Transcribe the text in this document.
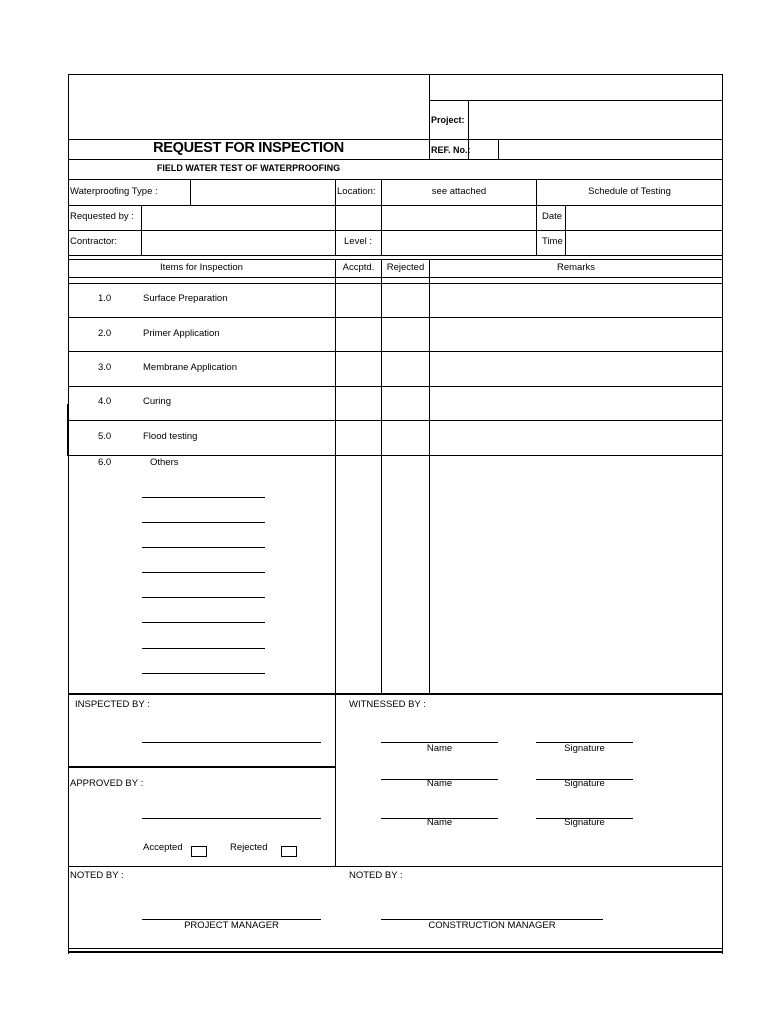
REQUEST FOR INSPECTION
FIELD WATER TEST OF WATERPROOFING
Project:
REF. No.:
Waterproofing Type :	Location:	see attached	Schedule of Testing
Requested by :	Date
Contractor:	Level :	Time
Items for Inspection	Accptd.	Rejected	Remarks
1.0	Surface Preparation
2.0	Primer Application
3.0	Membrane Application
4.0	Curing
5.0	Flood testing
6.0	Others
INSPECTED BY :	WITNESSED BY :
Name	Signature
Name	Signature
Name	Signature
APPROVED BY :
Accepted	Rejected
NOTED BY :	NOTED BY :
PROJECT MANAGER	CONSTRUCTION MANAGER
